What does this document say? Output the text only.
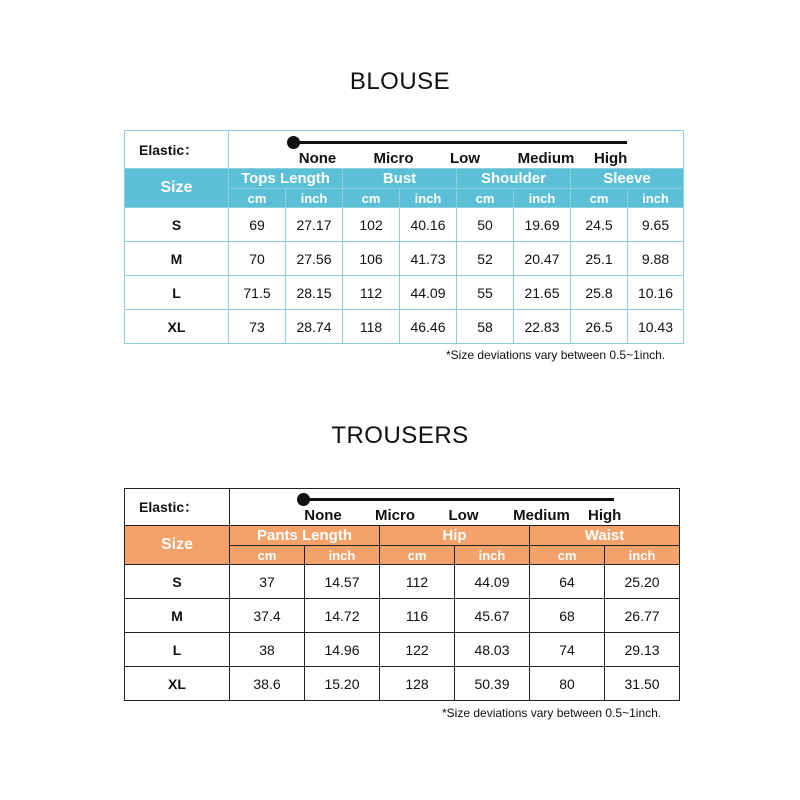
BLOUSE
Elastic：	None Micro Low Medium High							

Size	Tops Length		Bust		Shoulder		Sleeve	
	cm	inch	cm	inch	cm	inch	cm	inch
S	69	27.17	102	40.16	50	19.69	24.5	9.65
M	70	27.56	106	41.73	52	20.47	25.1	9.88
L	71.5	28.15	112	44.09	55	21.65	25.8	10.16
XL	73	28.74	118	46.46	58	22.83	26.5	10.43
*Size deviations vary between 0.5~1inch.
TROUSERS
Elastic：	None Micro Low Medium High					

Size	Pants Length		Hip		Waist	
	cm	inch	cm	inch	cm	inch
S	37	14.57	112	44.09	64	25.20
M	37.4	14.72	116	45.67	68	26.77
L	38	14.96	122	48.03	74	29.13
XL	38.6	15.20	128	50.39	80	31.50
*Size deviations vary between 0.5~1inch.
